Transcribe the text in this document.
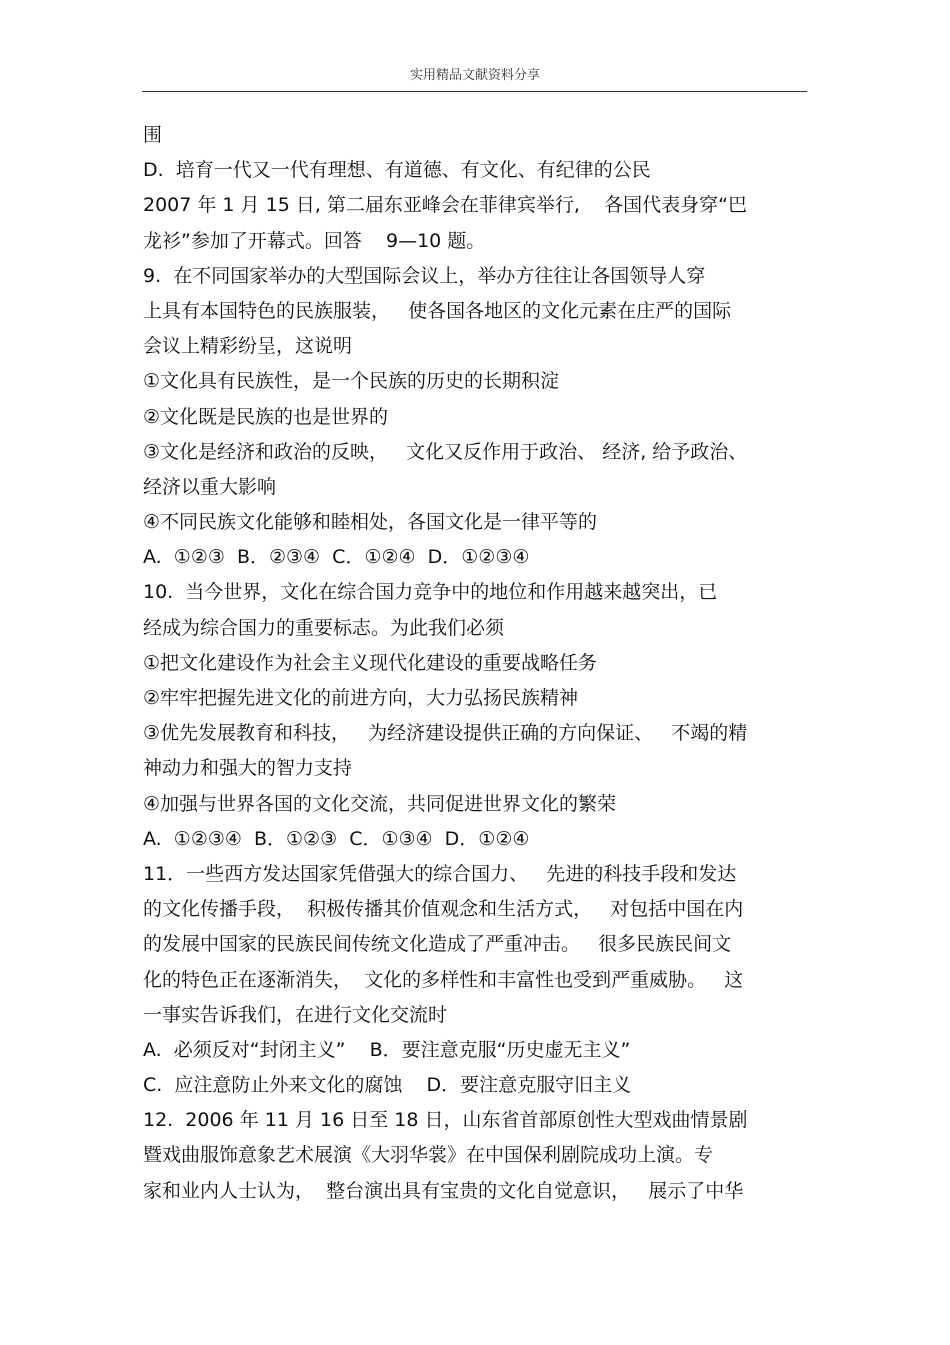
实用精品文献资料分享
围
D.  培育一代又一代有理想、有道德、有文化、有纪律的公民
2007 年 1 月 15 日, 第二届东亚峰会在菲律宾举行,    各国代表身穿“巴
龙衫”参加了开幕式。回答    9—10 题。
9.  在不同国家举办的大型国际会议上，举办方往往让各国领导人穿
上具有本国特色的民族服装，   使各国各地区的文化元素在庄严的国际
会议上精彩纷呈，这说明
①文化具有民族性，是一个民族的历史的长期积淀
②文化既是民族的也是世界的
③文化是经济和政治的反映，   文化又反作用于政治、 经济, 给予政治、
经济以重大影响
④不同民族文化能够和睦相处，各国文化是一律平等的
A.  ①②③  B．②③④  C．①②④  D．①②③④
10.  当今世界，文化在综合国力竞争中的地位和作用越来越突出，已
经成为综合国力的重要标志。为此我们必须
①把文化建设作为社会主义现代化建设的重要战略任务
②牢牢把握先进文化的前进方向，大力弘扬民族精神
③优先发展教育和科技，   为经济建设提供正确的方向保证、   不竭的精
神动力和强大的智力支持
④加强与世界各国的文化交流，共同促进世界文化的繁荣
A.  ①②③④  B．①②③  C．①③④  D．①②④
11．一些西方发达国家凭借强大的综合国力、   先进的科技手段和发达
的文化传播手段，  积极传播其价值观念和生活方式，   对包括中国在内
的发展中国家的民族民间传统文化造成了严重冲击。   很多民族民间文
化的特色正在逐渐消失，  文化的多样性和丰富性也受到严重威胁。   这
一事实告诉我们，在进行文化交流时
A.  必须反对“封闭主义”    B．要注意克服“历史虚无主义”
C.  应注意防止外来文化的腐蚀    D．要注意克服守旧主义
12.  2006 年 11 月 16 日至 18 日，山东省首部原创性大型戏曲情景剧
暨戏曲服饰意象艺术展演《大羽华裳》在中国保利剧院成功上演。专
家和业内人士认为，  整台演出具有宝贵的文化自觉意识，   展示了中华
